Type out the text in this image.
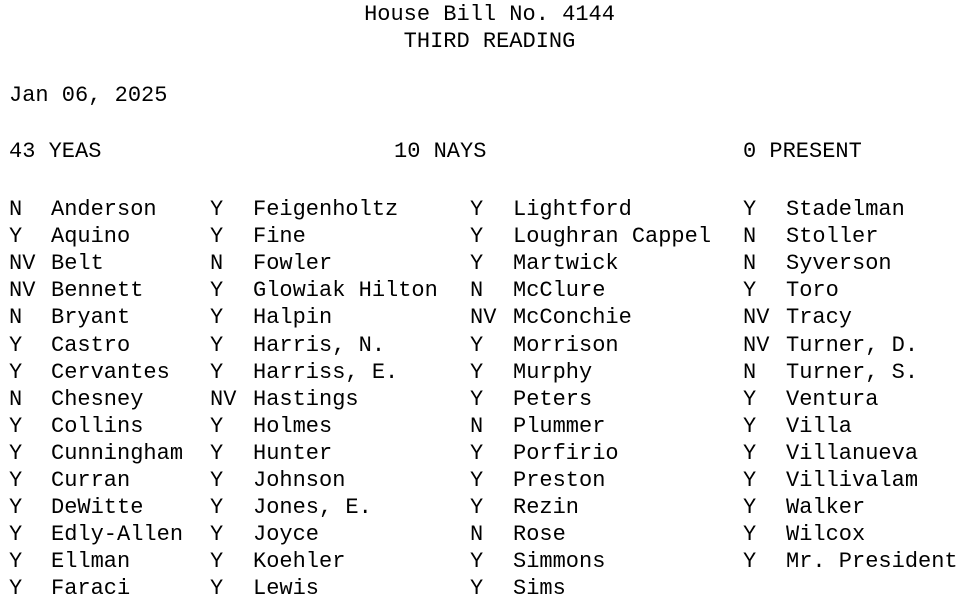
House Bill No. 4144
THIRD READING
Jan 06, 2025
43 YEAS	10 NAYS	0 PRESENT
N Anderson
Y Aquino
NV Belt
NV Bennett
N Bryant
Y Castro
Y Cervantes
N Chesney
Y Collins
Y Cunningham
Y Curran
Y DeWitte
Y Edly-Allen
Y Ellman
Y Faraci
Y Feigenholtz
Y Fine
N Fowler
Y Glowiak Hilton
Y Halpin
Y Harris, N.
Y Harriss, E.
NV Hastings
Y Holmes
Y Hunter
Y Johnson
Y Jones, E.
Y Joyce
Y Koehler
Y Lewis
Y Lightford
Y Loughran Cappel
Y Martwick
N McClure
NV McConchie
Y Morrison
Y Murphy
Y Peters
N Plummer
Y Porfirio
Y Preston
Y Rezin
N Rose
Y Simmons
Y Sims
Y Stadelman
N Stoller
N Syverson
Y Toro
NV Tracy
NV Turner, D.
N Turner, S.
Y Ventura
Y Villa
Y Villanueva
Y Villivalam
Y Walker
Y Wilcox
Y Mr. President
